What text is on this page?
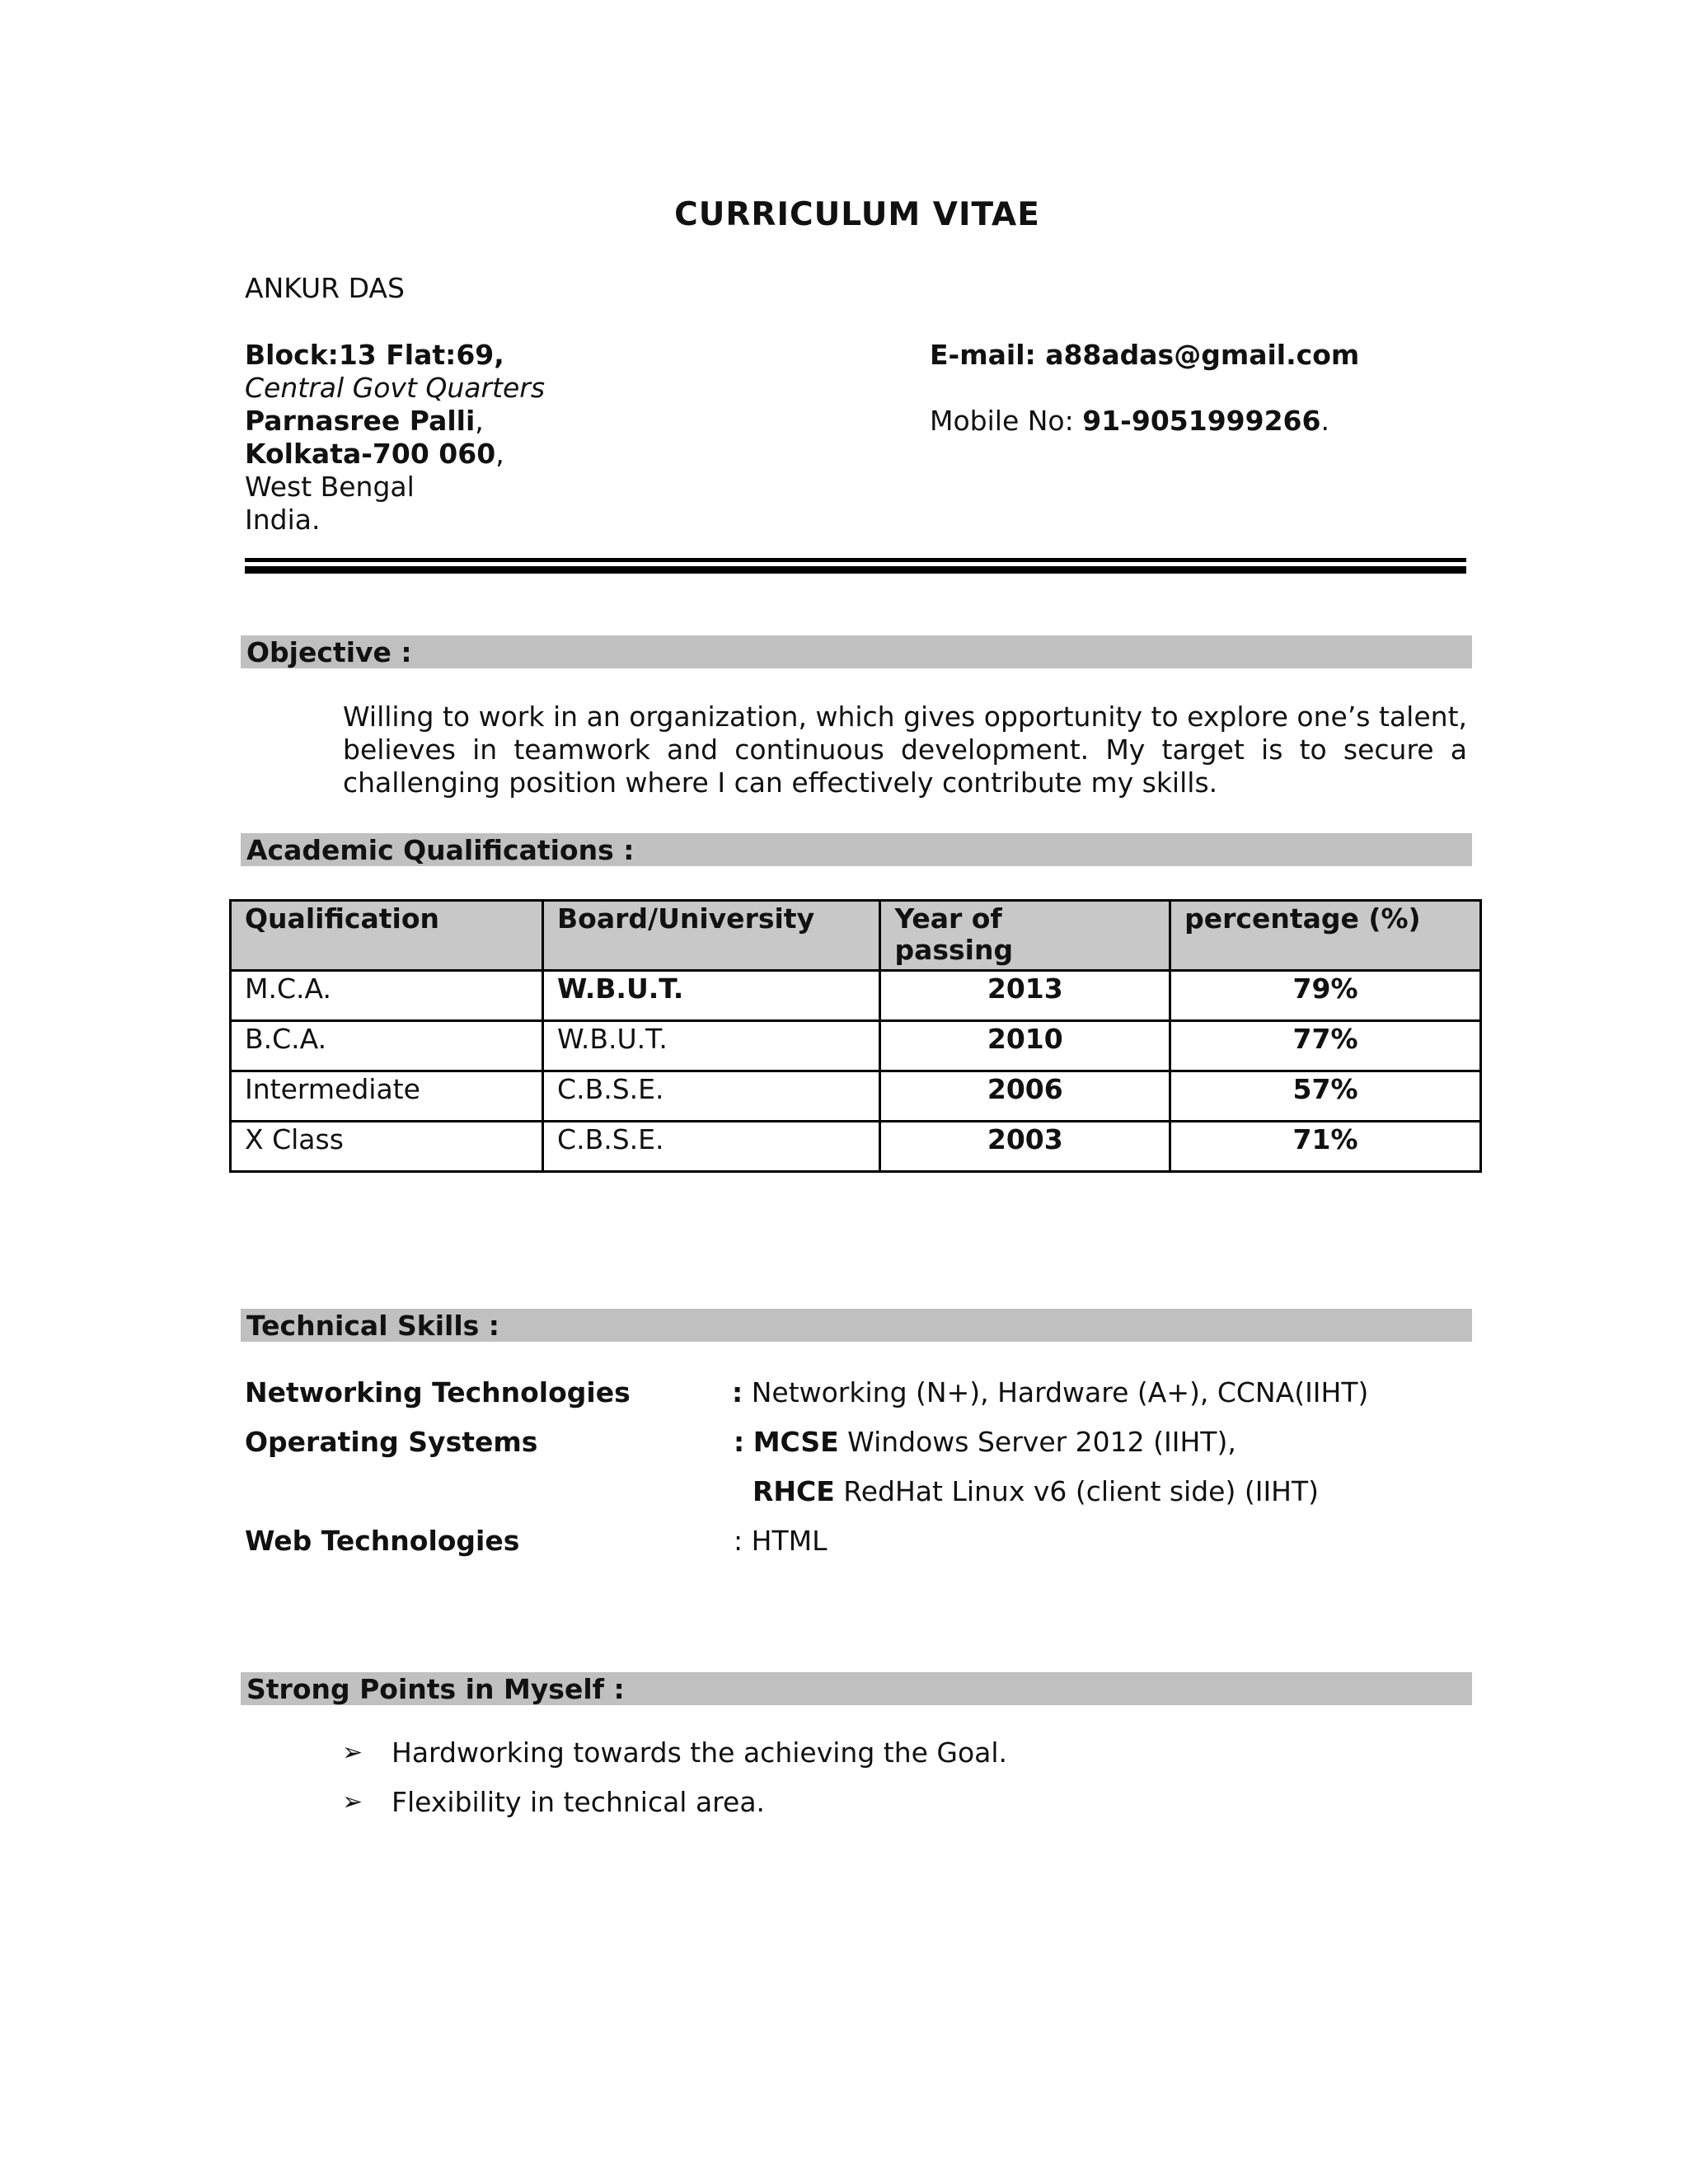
CURRICULUM VITAE
ANKUR DAS
Block:13 Flat:69,
Central Govt Quarters
Parnasree Palli,
Kolkata-700 060,
West Bengal
India.
E-mail: a88adas@gmail.com
Mobile No: 91-9051999266.
Objective :
Willing to work in an organization, which gives opportunity to explore one’s talent, believes in teamwork and continuous development. My target is to secure a challenging position where I can effectively contribute my skills.
Academic Qualifications :
Qualification	Board/University	Year of passing	percentage (%)
M.C.A.	W.B.U.T.	2013	79%
B.C.A.	W.B.U.T.	2010	77%
Intermediate	C.B.S.E.	2006	57%
X Class	C.B.S.E.	2003	71%
Technical Skills :
Networking Technologies	: Networking (N+), Hardware (A+), CCNA(IIHT)
Operating Systems	: MCSE Windows Server 2012 (IIHT),
RHCE RedHat Linux v6 (client side) (IIHT)
Web Technologies	: HTML
Strong Points in Myself :
➢ Hardworking towards the achieving the Goal.
➢ Flexibility in technical area.
